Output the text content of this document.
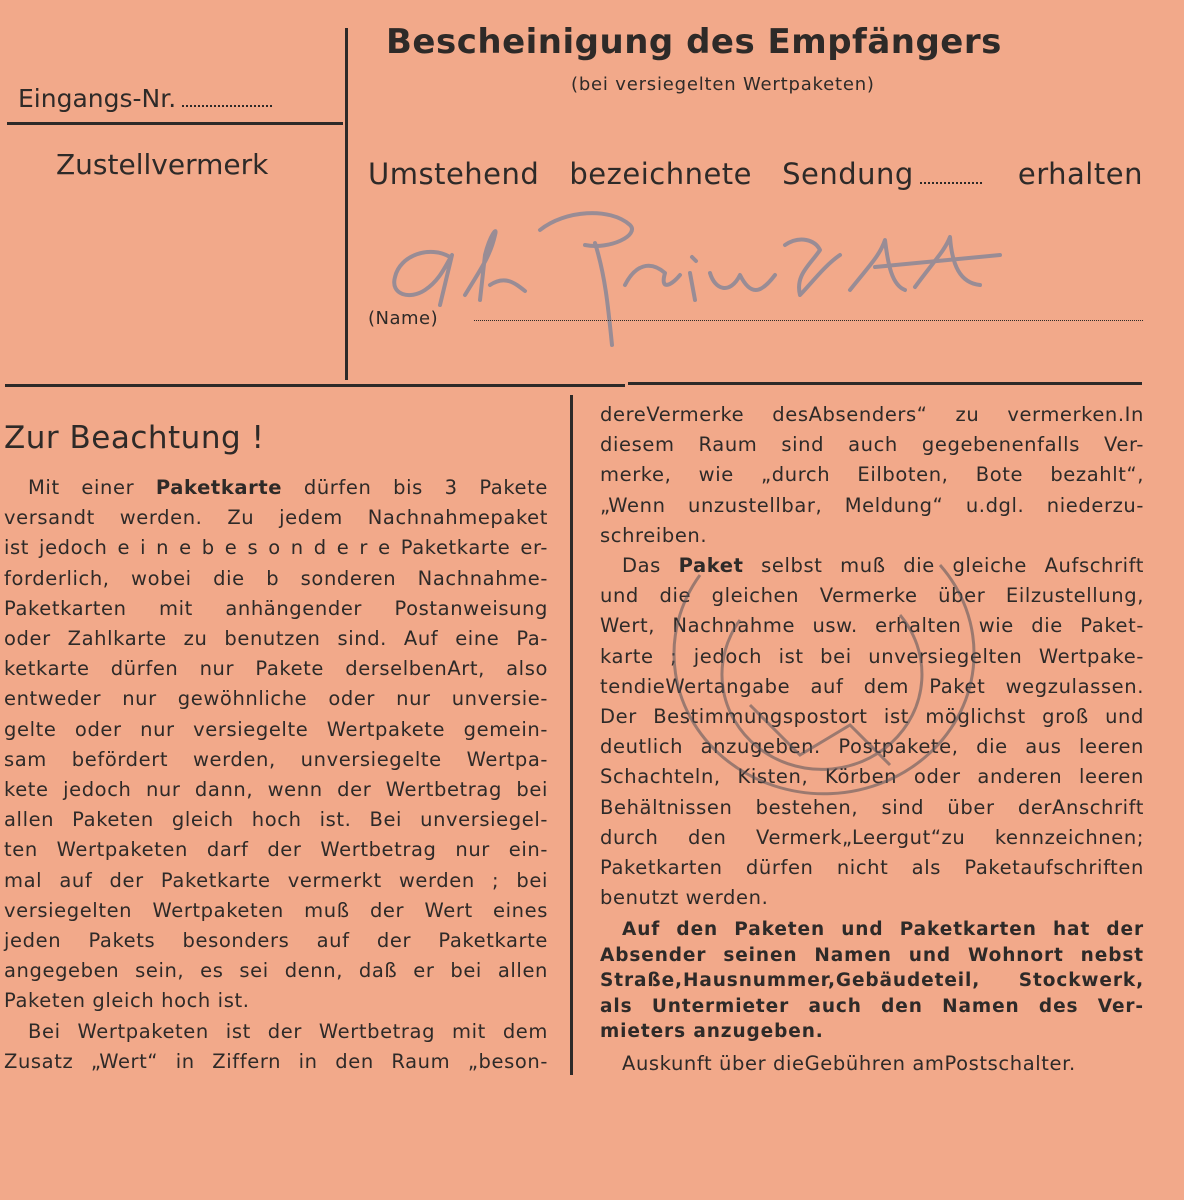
Bescheinigung des Empfängers
(bei versiegelten Wertpaketen)
Eingangs-Nr.
Zustellvermerk	Umstehend bezeichnete Sendung	erhalten
(Name)
Zur Beachtung !
Mit einer Paketkarte dürfen bis 3 Pakete
versandt werden. Zu jedem Nachnahmepaket
ist jedoch e i n e b e s o n d e r e Paketkarte er-
forderlich, wobei die b sonderen Nachnahme-
Paketkarten mit anhängender Postanweisung
oder Zahlkarte zu benutzen sind. Auf eine Pa-
ketkarte dürfen nur Pakete derselbenArt, also
entweder nur gewöhnliche oder nur unversie-
gelte oder nur versiegelte Wertpakete gemein-
sam befördert werden, unversiegelte Wertpa-
kete jedoch nur dann, wenn der Wertbetrag bei
allen Paketen gleich hoch ist. Bei unversiegel-
ten Wertpaketen darf der Wertbetrag nur ein-
mal auf der Paketkarte vermerkt werden ; bei
versiegelten Wertpaketen muß der Wert eines
jeden Pakets besonders auf der Paketkarte
angegeben sein, es sei denn, daß er bei allen
Paketen gleich hoch ist.
Bei Wertpaketen ist der Wertbetrag mit dem
Zusatz „Wert“ in Ziffern in den Raum „beson-
dereVermerke desAbsenders“ zu vermerken.In
diesem Raum sind auch gegebenenfalls Ver-
merke, wie „durch Eilboten, Bote bezahlt“,
„Wenn unzustellbar, Meldung“ u.dgl. niederzu-
schreiben.
Das Paket selbst muß die gleiche Aufschrift
und die gleichen Vermerke über Eilzustellung,
Wert, Nachnahme usw. erhalten wie die Paket-
karte ; jedoch ist bei unversiegelten Wertpake-
tendieWertangabe auf dem Paket wegzulassen.
Der Bestimmungspostort ist möglichst groß und
deutlich anzugeben. Postpakete, die aus leeren
Schachteln, Kisten, Körben oder anderen leeren
Behältnissen bestehen, sind über derAnschrift
durch den Vermerk„Leergut“zu kennzeichnen;
Paketkarten dürfen nicht als Paketaufschriften
benutzt werden.
Auf den Paketen und Paketkarten hat der
Absender seinen Namen und Wohnort nebst
Straße,Hausnummer,Gebäudeteil, Stockwerk,
als Untermieter auch den Namen des Ver-
mieters anzugeben.
Auskunft über dieGebühren amPostschalter.
